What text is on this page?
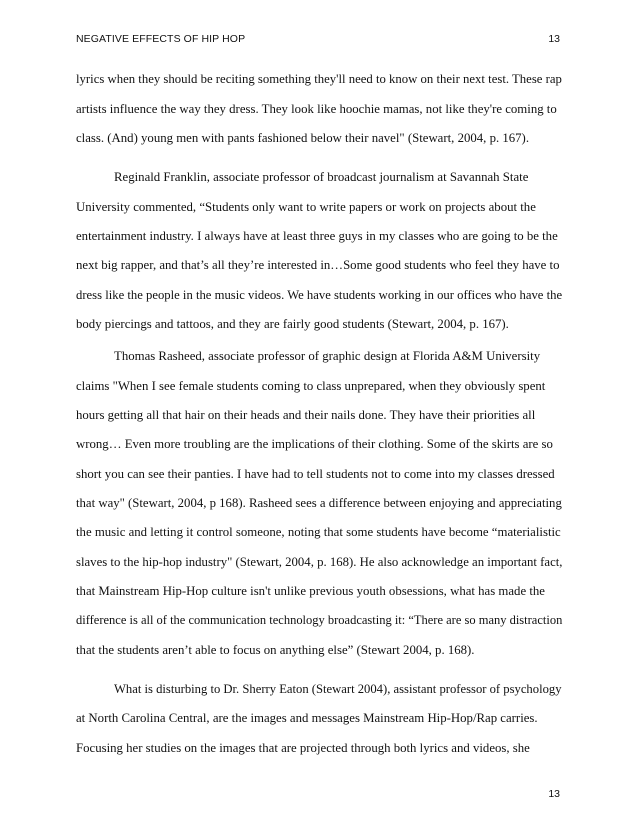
NEGATIVE EFFECTS OF HIP HOP	13
lyrics when they should be reciting something they'll need to know on their next test. These rap
artists influence the way they dress. They look like hoochie mamas, not like they're coming to
class. (And) young men with pants fashioned below their navel" (Stewart, 2004, p. 167).
Reginald Franklin, associate professor of broadcast journalism at Savannah State
University commented, “Students only want to write papers or work on projects about the
entertainment industry. I always have at least three guys in my classes who are going to be the
next big rapper, and that’s all they’re interested in…Some good students who feel they have to
dress like the people in the music videos. We have students working in our offices who have the
body piercings and tattoos, and they are fairly good students (Stewart, 2004, p. 167).
Thomas Rasheed, associate professor of graphic design at Florida A&M University
claims "When I see female students coming to class unprepared, when they obviously spent
hours getting all that hair on their heads and their nails done. They have their priorities all
wrong… Even more troubling are the implications of their clothing. Some of the skirts are so
short you can see their panties. I have had to tell students not to come into my classes dressed
that way" (Stewart, 2004, p 168). Rasheed sees a difference between enjoying and appreciating
the music and letting it control someone, noting that some students have become “materialistic
slaves to the hip-hop industry" (Stewart, 2004, p. 168). He also acknowledge an important fact,
that Mainstream Hip-Hop culture isn't unlike previous youth obsessions, what has made the
difference is all of the communication technology broadcasting it: “There are so many distraction
that the students aren’t able to focus on anything else” (Stewart 2004, p. 168).
What is disturbing to Dr. Sherry Eaton (Stewart 2004), assistant professor of psychology
at North Carolina Central, are the images and messages Mainstream Hip-Hop/Rap carries.
Focusing her studies on the images that are projected through both lyrics and videos, she
13
